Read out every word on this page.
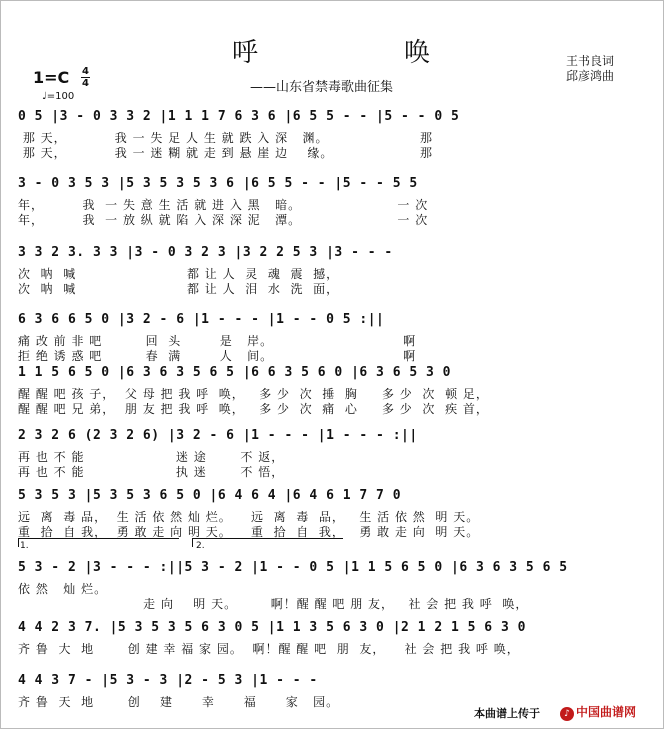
呼	唤
——山东省禁毒歌曲征集
王书良词
邱彦鸿曲
1=C 4
4
♩=100
0 5 |3 - 0 3 3 2 |1 1 1 7 6 3 6 |6 5 5 - - |5 - - 0 5
那 天，          我 一 失 足 人 生 就 跌 入 深   渊。                   那
那 天，          我 一 迷 糊 就 走 到 悬 崖 边    缘。                  那
3 - 0 3 5 3 |5 3 5 3 5 3 6 |6 5 5 - - |5 - - 5 5
年，        我  一 失 意 生 活 就 进 入 黑   暗。                    一 次
年，        我  一 放 纵 就 陷 入 深 深 泥   潭。                    一 次
3 3 2 3. 3 3 |3 - 0 3 2 3 |3 2 2 5 3 |3 - - -
次  呐  喊                       都 让 人  灵  魂  震  撼，
次  呐  喊                       都 让 人  泪  水  洗  面，
6 3 6 6 5 0 |3 2 - 6 |1 - - - |1 - - 0 5 :||
痛 改 前 非 吧         回  头        是   岸。                           啊
拒 绝 诱 惑 吧         春  满        人   间。                           啊
1 1 5 6 5 0 |6 3 6 3 5 6 5 |6 6 3 5 6 0 |6 3 6 5 3 0
醒 醒 吧 孩 子，  父 母 把 我 呼  唤，   多 少  次  捶  胸     多 少  次  顿 足，
醒 醒 吧 兄 弟，  朋 友 把 我 呼  唤，   多 少  次  痛  心     多 少  次  疾 首，
2 3 2 6 (2 3 2 6) |3 2 - 6 |1 - - - |1 - - - :||
再 也 不 能                   迷 途       不 返，
再 也 不 能                   执 迷       不 悟，
5 3 5 3 |5 3 5 3 6 5 0 |6 4 6 4 |6 4 6 1 7 7 0
远  离  毒 品，  生 活 依 然 灿 烂。    远  离  毒  品，   生 活 依 然  明 天。
重  拾  自 我，  勇 敢 走 向 明 天。    重  拾  自  我，   勇 敢 走 向  明 天。
5 3 - 2 |3 - - - :||5 3 - 2 |1 - - 0 5 |1 1 5 6 5 0 |6 3 6 3 5 6 5
依 然   灿 烂。
走 向    明 天。       啊！醒 醒 吧 朋 友，   社 会 把 我 呼  唤，
4 4 2 3 7. |5 3 5 3 5 6 3 0 5 |1 1 3 5 6 3 0 |2 1 2 1 5 6 3 0
齐 鲁  大  地       创 建 幸 福 家 园。  啊！醒 醒 吧  朋  友，    社 会 把 我 呼 唤，
4 4 3 7 - |5 3 - 3 |2 - 5 3 |1 - - -
齐 鲁  天  地       创    建      幸      福      家   园。
1.	2.
本曲谱上传于	♪ 中国曲谱网
